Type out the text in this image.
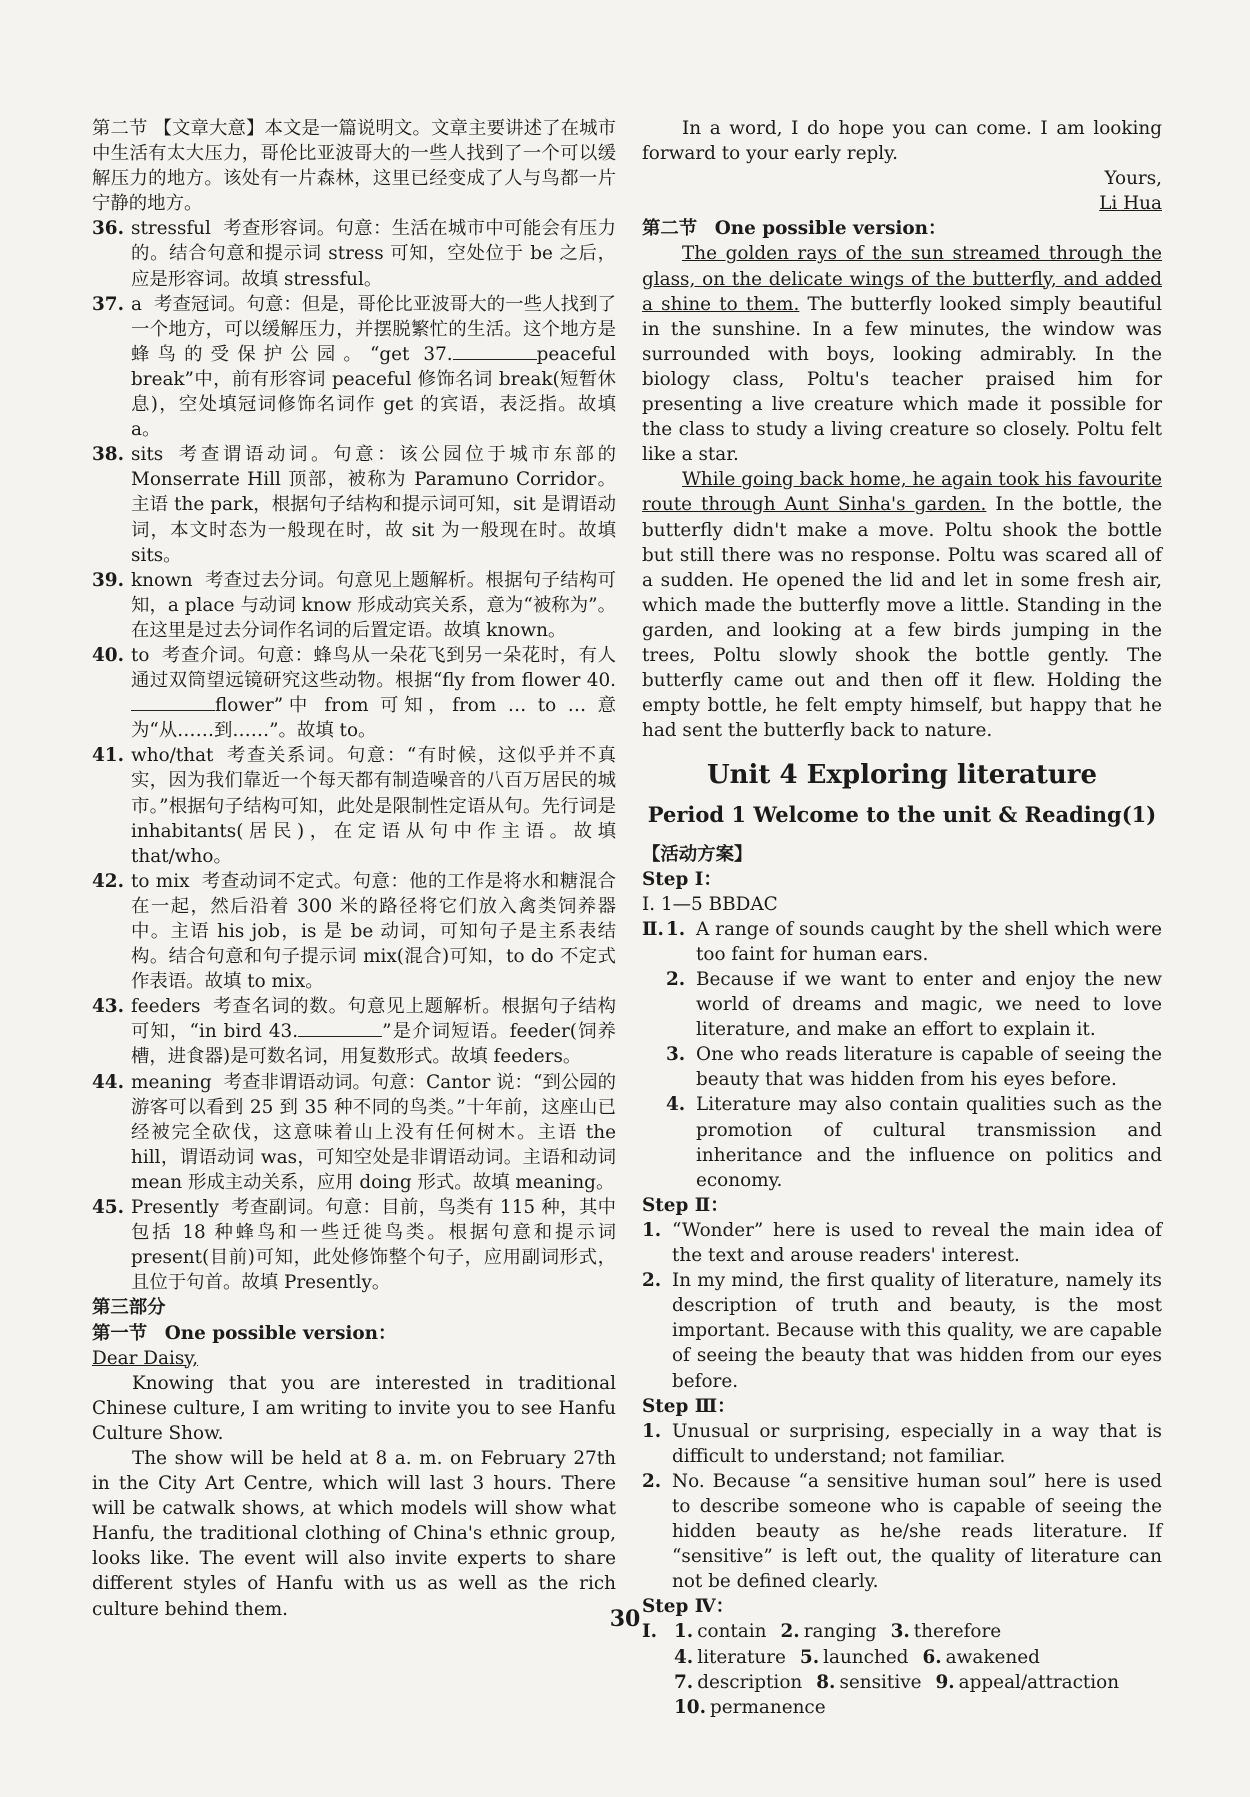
第二节 【文章大意】本文是一篇说明文。文章主要讲述了在城市中生活有太大压力，哥伦比亚波哥大的一些人找到了一个可以缓解压力的地方。该处有一片森林，这里已经变成了人与鸟都一片宁静的地方。

36. stressful 考查形容词。句意：生活在城市中可能会有压力的。结合句意和提示词 stress 可知，空处位于 be 之后，应是形容词。故填 stressful。
37. a 考查冠词。句意：但是，哥伦比亚波哥大的一些人找到了一个地方，可以缓解压力，并摆脱繁忙的生活。这个地方是蜂鸟的受保护公园。“get 37.	peaceful break”中，前有形容词 peaceful 修饰名词 break(短暂休息)，空处填冠词修饰名词作 get 的宾语，表泛指。故填 a。
38. sits 考查谓语动词。句意：该公园位于城市东部的 Monserrate Hill 顶部，被称为 Paramuno Corridor。主语 the park，根据句子结构和提示词可知，sit 是谓语动词，本文时态为一般现在时，故 sit 为一般现在时。故填 sits。
39. known 考查过去分词。句意见上题解析。根据句子结构可知，a place 与动词 know 形成动宾关系，意为“被称为”。在这里是过去分词作名词的后置定语。故填 known。
40. to 考查介词。句意：蜂鸟从一朵花飞到另一朵花时，有人通过双筒望远镜研究这些动物。根据“fly from flower 40.flower”中 from 可知，from … to … 意为“从……到……”。故填 to。
41. who/that 考查关系词。句意：“有时候，这似乎并不真实，因为我们靠近一个每天都有制造噪音的八百万居民的城市。”根据句子结构可知，此处是限制性定语从句。先行词是 inhabitants(居民)，在定语从句中作主语。故填 that/who。
42. to mix 考查动词不定式。句意：他的工作是将水和糖混合在一起，然后沿着 300 米的路径将它们放入禽类饲养器中。主语 his job，is 是 be 动词，可知句子是主系表结构。结合句意和句子提示词 mix(混合)可知，to do 不定式作表语。故填 to mix。
43. feeders 考查名词的数。句意见上题解析。根据句子结构可知，“in bird 43.	”是介词短语。feeder(饲养槽，进食器)是可数名词，用复数形式。故填 feeders。
44. meaning 考查非谓语动词。句意：Cantor 说：“到公园的游客可以看到 25 到 35 种不同的鸟类。”十年前，这座山已经被完全砍伐，这意味着山上没有任何树木。主语 the hill，谓语动词 was，可知空处是非谓语动词。主语和动词 mean 形成主动关系，应用 doing 形式。故填 meaning。
45. Presently 考查副词。句意：目前，鸟类有 115 种，其中包括 18 种蜂鸟和一些迁徙鸟类。根据句意和提示词 present(目前)可知，此处修饰整个句子，应用副词形式，且位于句首。故填 Presently。

第三部分

第一节 One possible version：

Dear Daisy,

Knowing that you are interested in traditional Chinese culture, I am writing to invite you to see Hanfu Culture Show.

The show will be held at 8 a. m. on February 27th in the City Art Centre, which will last 3 hours. There will be catwalk shows, at which models will show what Hanfu, the traditional clothing of China's ethnic group, looks like. The event will also invite experts to share different styles of Hanfu with us as well as the rich culture behind them.

In a word, I do hope you can come. I am looking forward to your early reply.

Yours,

Li Hua

第二节 One possible version：

The golden rays of the sun streamed through the glass, on the delicate wings of the butterfly, and added a shine to them. The butterfly looked simply beautiful in the sunshine. In a few minutes, the window was surrounded with boys, looking admirably. In the biology class, Poltu's teacher praised him for presenting a live creature which made it possible for the class to study a living creature so closely. Poltu felt like a star.

While going back home, he again took his favourite route through Aunt Sinha's garden. In the bottle, the butterfly didn't make a move. Poltu shook the bottle but still there was no response. Poltu was scared all of a sudden. He opened the lid and let in some fresh air, which made the butterfly move a little. Standing in the garden, and looking at a few birds jumping in the trees, Poltu slowly shook the bottle gently. The butterfly came out and then off it flew. Holding the empty bottle, he felt empty himself, but happy that he had sent the butterfly back to nature.

Unit 4 Exploring literature
Period 1 Welcome to the unit & Reading(1)

【活动方案】

Step Ⅰ：

Ⅰ. 1—5 BBDAC

Ⅱ. 1. A range of sounds caught by the shell which were too faint for human ears.
2. Because if we want to enter and enjoy the new world of dreams and magic, we need to love literature, and make an effort to explain it.
3. One who reads literature is capable of seeing the beauty that was hidden from his eyes before.
4. Literature may also contain qualities such as the promotion of cultural transmission and inheritance and the influence on politics and economy.

Step Ⅱ：

1. “Wonder” here is used to reveal the main idea of the text and arouse readers' interest.
2. In my mind, the first quality of literature, namely its description of truth and beauty, is the most important. Because with this quality, we are capable of seeing the beauty that was hidden from our eyes before.

Step Ⅲ：

1. Unusual or surprising, especially in a way that is difficult to understand; not familiar.
2. No. Because “a sensitive human soul” here is used to describe someone who is capable of seeing the hidden beauty as he/she reads literature. If “sensitive” is left out, the quality of literature can not be defined clearly.

Step Ⅳ：

Ⅰ. 1. contain 2. ranging 3. therefore
4. literature 5. launched 6. awakened
7. description 8. sensitive 9. appeal/attraction
10. permanence
30
